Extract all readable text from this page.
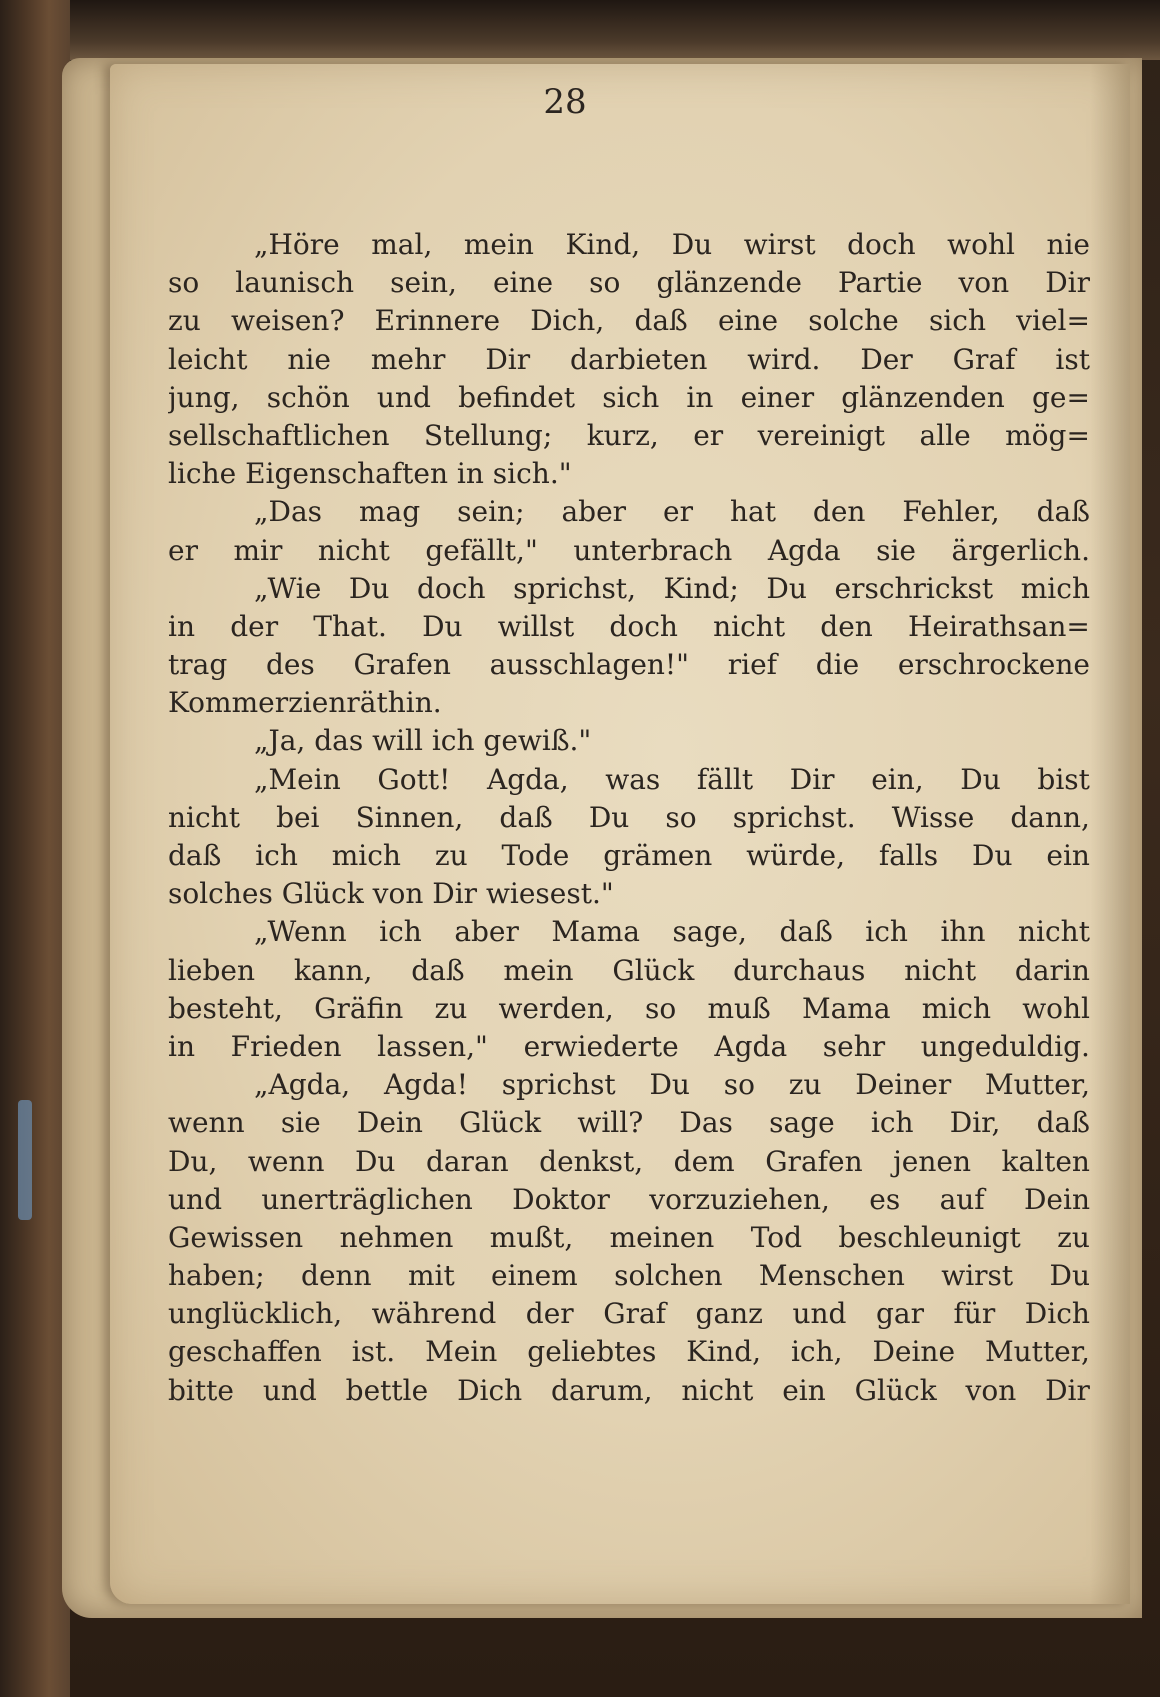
28
„Höre mal, mein Kind, Du wirst doch wohl nie
so launisch sein, eine so glänzende Partie von Dir
zu weisen? Erinnere Dich, daß eine solche sich viel=
leicht nie mehr Dir darbieten wird. Der Graf ist
jung, schön und befindet sich in einer glänzenden ge=
sellschaftlichen Stellung; kurz, er vereinigt alle mög=
liche Eigenschaften in sich."
„Das mag sein; aber er hat den Fehler, daß
er mir nicht gefällt," unterbrach Agda sie ärgerlich.
„Wie Du doch sprichst, Kind; Du erschrickst mich
in der That. Du willst doch nicht den Heirathsan=
trag des Grafen ausschlagen!" rief die erschrockene
Kommerzienräthin.
„Ja, das will ich gewiß."
„Mein Gott! Agda, was fällt Dir ein, Du bist
nicht bei Sinnen, daß Du so sprichst. Wisse dann,
daß ich mich zu Tode grämen würde, falls Du ein
solches Glück von Dir wiesest."
„Wenn ich aber Mama sage, daß ich ihn nicht
lieben kann, daß mein Glück durchaus nicht darin
besteht, Gräfin zu werden, so muß Mama mich wohl
in Frieden lassen," erwiederte Agda sehr ungeduldig.
„Agda, Agda! sprichst Du so zu Deiner Mutter,
wenn sie Dein Glück will? Das sage ich Dir, daß
Du, wenn Du daran denkst, dem Grafen jenen kalten
und unerträglichen Doktor vorzuziehen, es auf Dein
Gewissen nehmen mußt, meinen Tod beschleunigt zu
haben; denn mit einem solchen Menschen wirst Du
unglücklich, während der Graf ganz und gar für Dich
geschaffen ist. Mein geliebtes Kind, ich, Deine Mutter,
bitte und bettle Dich darum, nicht ein Glück von Dir
